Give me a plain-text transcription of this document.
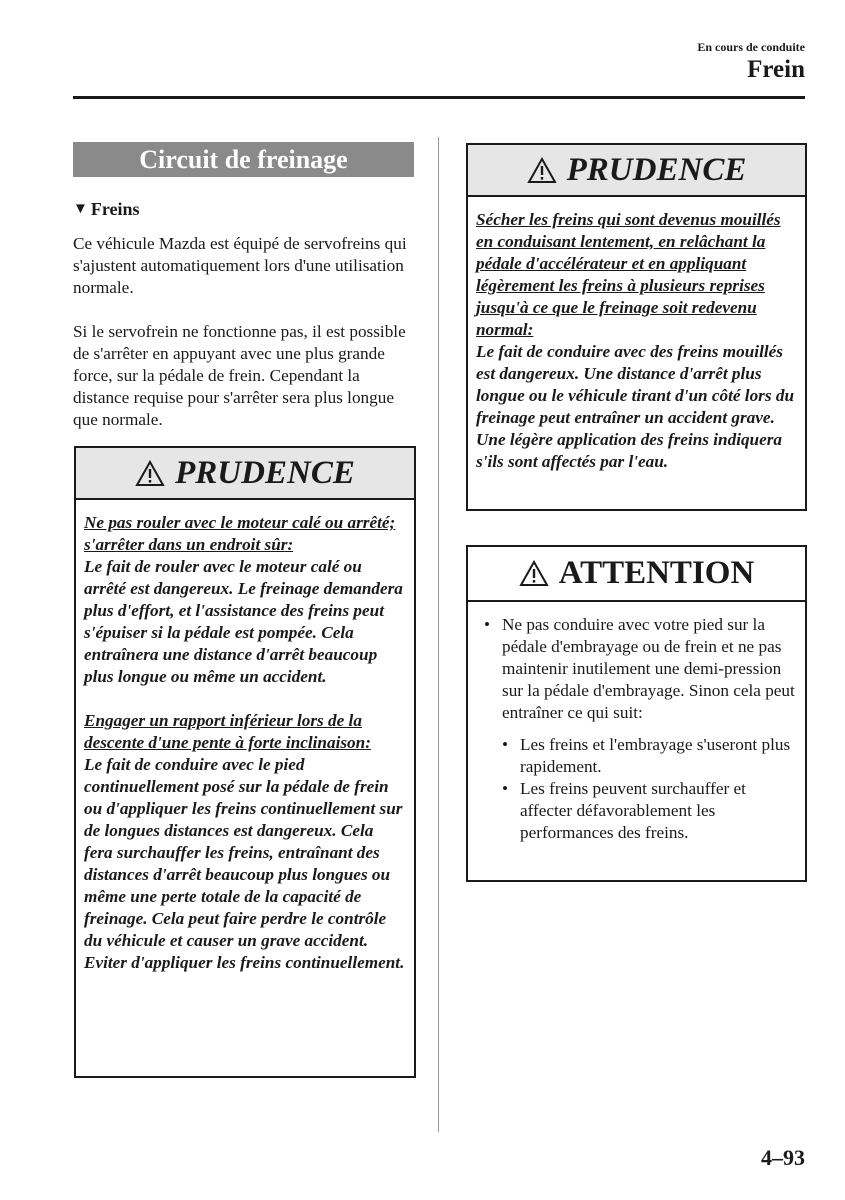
En cours de conduite
Frein
Circuit de freinage
▼ Freins
Ce véhicule Mazda est équipé de servofreins qui s'ajustent automatiquement lors d'une utilisation normale.
Si le servofrein ne fonctionne pas, il est possible de s'arrêter en appuyant avec une plus grande force, sur la pédale de frein. Cependant la distance requise pour s'arrêter sera plus longue que normale.
PRUDENCE

Ne pas rouler avec le moteur calé ou arrêté; s'arrêter dans un endroit sûr:

Le fait de rouler avec le moteur calé ou arrêté est dangereux. Le freinage demandera plus d'effort, et l'assistance des freins peut s'épuiser si la pédale est pompée. Cela entraînera une distance d'arrêt beaucoup plus longue ou même un accident.

Engager un rapport inférieur lors de la descente d'une pente à forte inclinaison:

Le fait de conduire avec le pied continuellement posé sur la pédale de frein ou d'appliquer les freins continuellement sur de longues distances est dangereux. Cela fera surchauffer les freins, entraînant des distances d'arrêt beaucoup plus longues ou même une perte totale de la capacité de freinage. Cela peut faire perdre le contrôle du véhicule et causer un grave accident. Eviter d'appliquer les freins continuellement.

PRUDENCE

Sécher les freins qui sont devenus mouillés en conduisant lentement, en relâchant la pédale d'accélérateur et en appliquant légèrement les freins à plusieurs reprises jusqu'à ce que le freinage soit redevenu normal:

Le fait de conduire avec des freins mouillés est dangereux. Une distance d'arrêt plus longue ou le véhicule tirant d'un côté lors du freinage peut entraîner un accident grave. Une légère application des freins indiquera s'ils sont affectés par l'eau.

ATTENTION
• Ne pas conduire avec votre pied sur la pédale d'embrayage ou de frein et ne pas maintenir inutilement une demi-pression sur la pédale d'embrayage. Sinon cela peut entraîner ce qui suit:
• Les freins et l'embrayage s'useront plus rapidement.
• Les freins peuvent surchauffer et affecter défavorablement les performances des freins.
4–93
